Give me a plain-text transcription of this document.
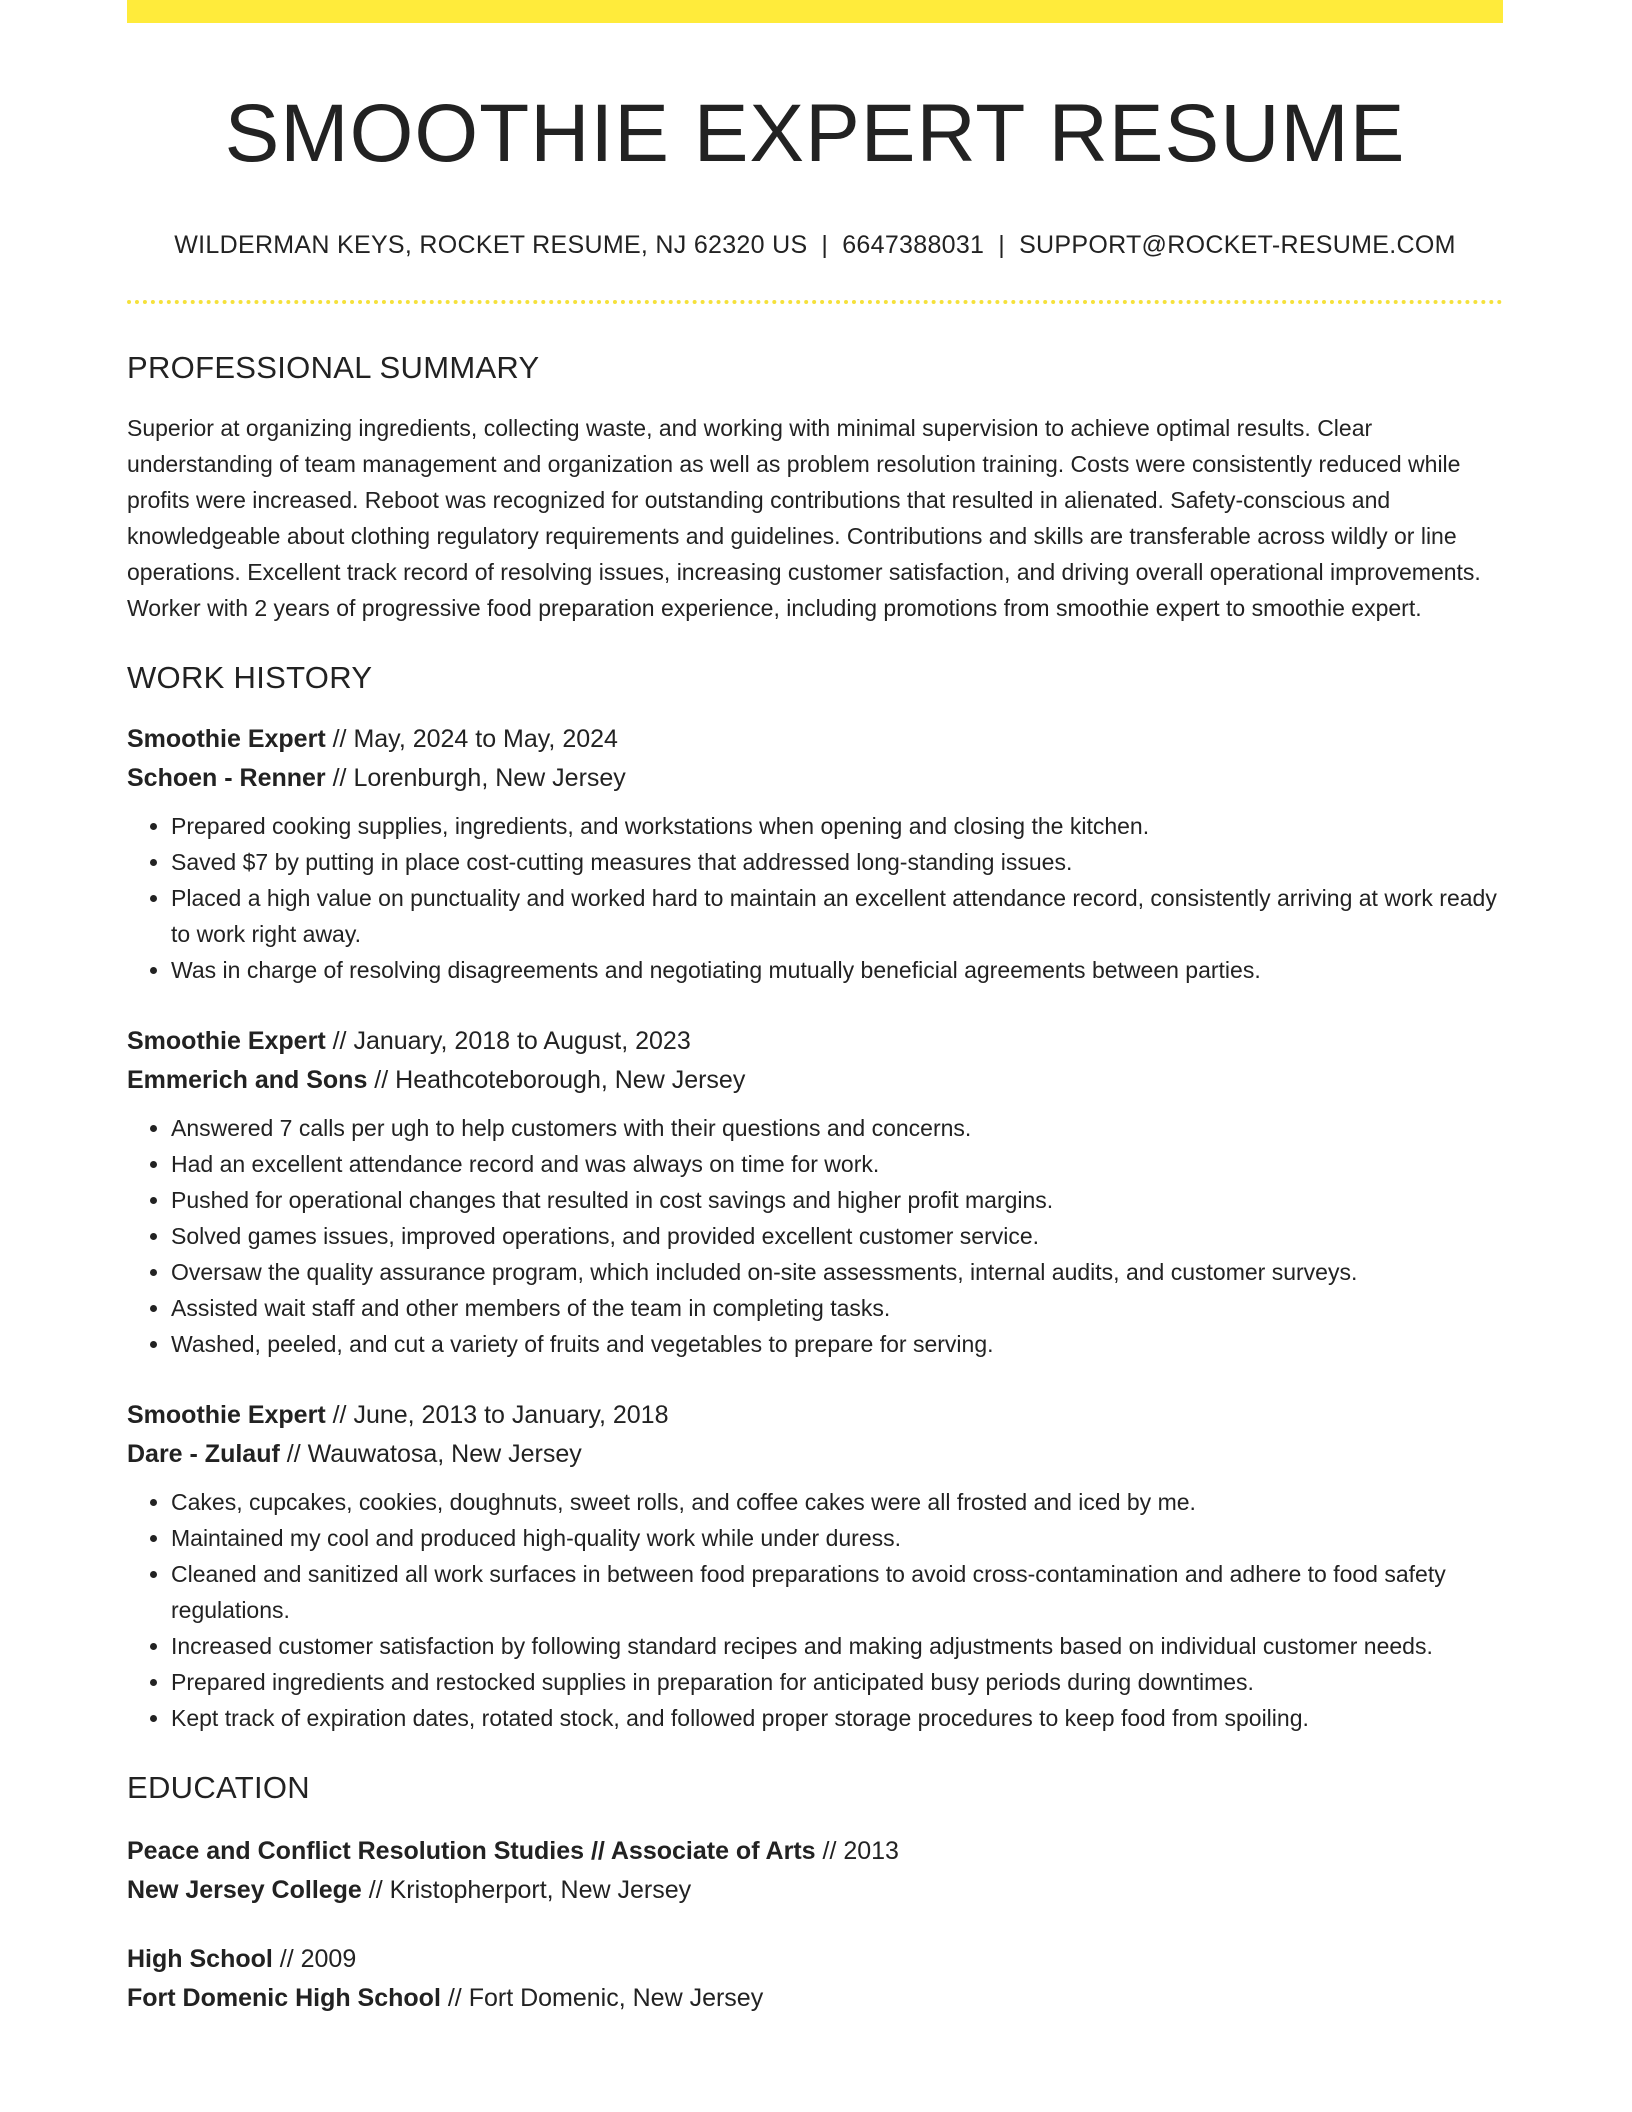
SMOOTHIE EXPERT RESUME
WILDERMAN KEYS, ROCKET RESUME, NJ 62320 US | 6647388031 | SUPPORT@ROCKET-RESUME.COM
PROFESSIONAL SUMMARY

Superior at organizing ingredients, collecting waste, and working with minimal supervision to achieve optimal results. Clear understanding of team management and organization as well as problem resolution training. Costs were consistently reduced while profits were increased. Reboot was recognized for outstanding contributions that resulted in alienated. Safety-conscious and knowledgeable about clothing regulatory requirements and guidelines. Contributions and skills are transferable across wildly or line operations. Excellent track record of resolving issues, increasing customer satisfaction, and driving overall operational improvements. Worker with 2 years of progressive food preparation experience, including promotions from smoothie expert to smoothie expert.

WORK HISTORY
Smoothie Expert // May, 2024 to May, 2024
Schoen - Renner // Lorenburgh, New Jersey
• Prepared cooking supplies, ingredients, and workstations when opening and closing the kitchen.
• Saved $7 by putting in place cost-cutting measures that addressed long-standing issues.
• Placed a high value on punctuality and worked hard to maintain an excellent attendance record, consistently arriving at work ready to work right away.
• Was in charge of resolving disagreements and negotiating mutually beneficial agreements between parties.
Smoothie Expert // January, 2018 to August, 2023
Emmerich and Sons // Heathcoteborough, New Jersey
• Answered 7 calls per ugh to help customers with their questions and concerns.
• Had an excellent attendance record and was always on time for work.
• Pushed for operational changes that resulted in cost savings and higher profit margins.
• Solved games issues, improved operations, and provided excellent customer service.
• Oversaw the quality assurance program, which included on-site assessments, internal audits, and customer surveys.
• Assisted wait staff and other members of the team in completing tasks.
• Washed, peeled, and cut a variety of fruits and vegetables to prepare for serving.
Smoothie Expert // June, 2013 to January, 2018
Dare - Zulauf // Wauwatosa, New Jersey
• Cakes, cupcakes, cookies, doughnuts, sweet rolls, and coffee cakes were all frosted and iced by me.
• Maintained my cool and produced high-quality work while under duress.
• Cleaned and sanitized all work surfaces in between food preparations to avoid cross-contamination and adhere to food safety regulations.
• Increased customer satisfaction by following standard recipes and making adjustments based on individual customer needs.
• Prepared ingredients and restocked supplies in preparation for anticipated busy periods during downtimes.
• Kept track of expiration dates, rotated stock, and followed proper storage procedures to keep food from spoiling.
EDUCATION
Peace and Conflict Resolution Studies // Associate of Arts // 2013
New Jersey College // Kristopherport, New Jersey
High School // 2009
Fort Domenic High School // Fort Domenic, New Jersey
